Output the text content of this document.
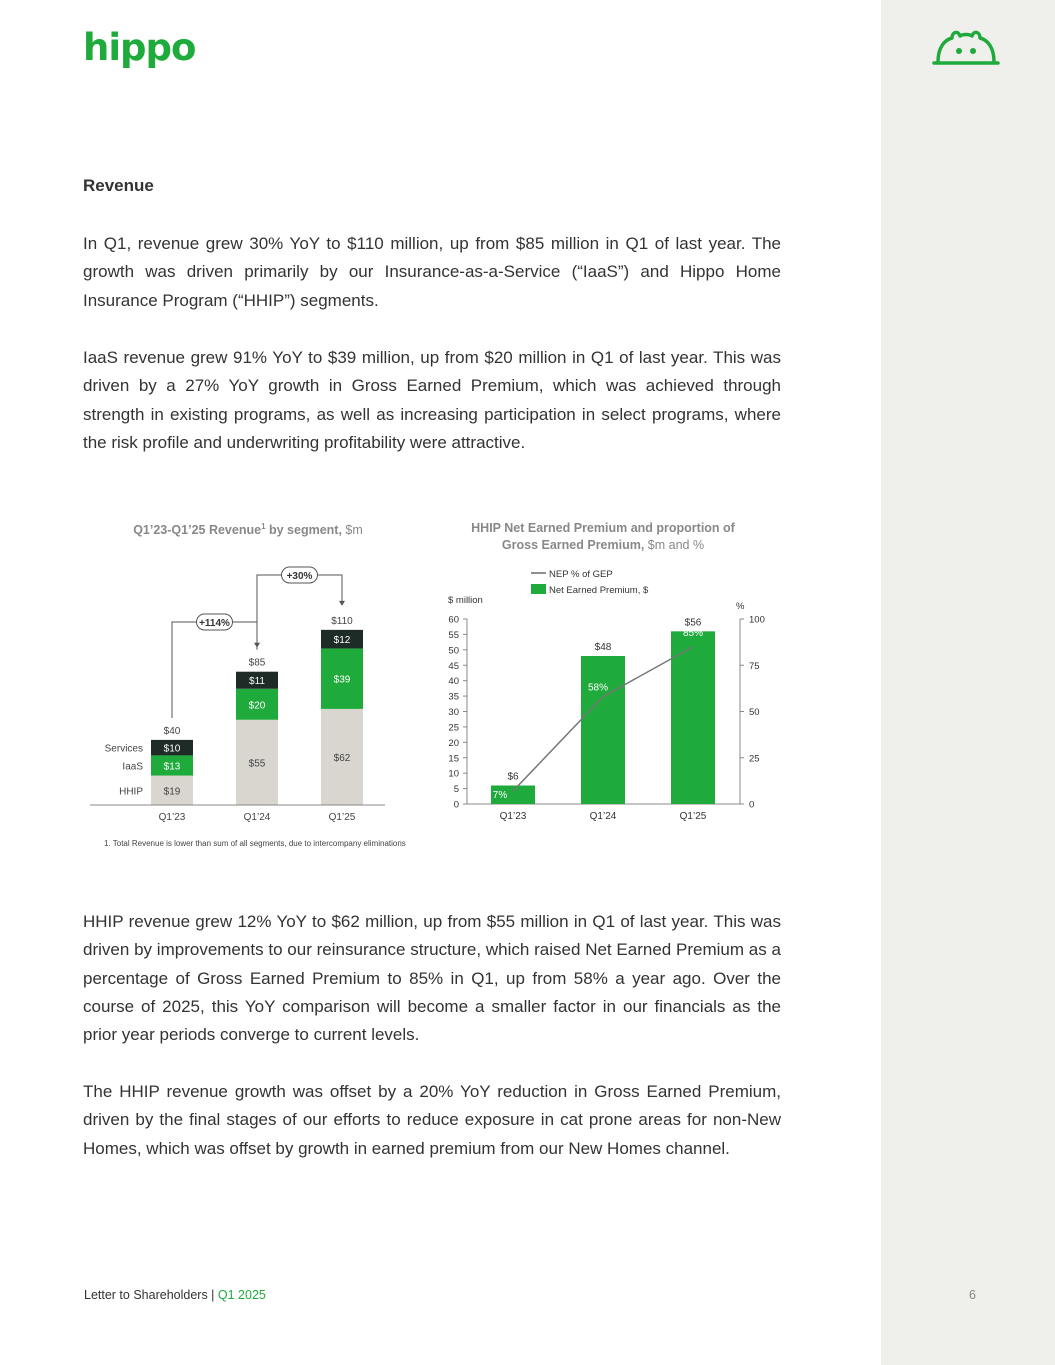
hippo
Revenue

In Q1, revenue grew 30% YoY to $110 million, up from $85 million in Q1 of last year. The growth was driven primarily by our Insurance-as-a-Service (“IaaS”) and Hippo Home Insurance Program (“HHIP”) segments.

IaaS revenue grew 91% YoY to $39 million, up from $20 million in Q1 of last year. This was driven by a 27% YoY growth in Gross Earned Premium, which was achieved through strength in existing programs, as well as increasing participation in select programs, where the risk profile and underwriting profitability were attractive.

Q1’23-Q1’25 Revenue$^1$ by segment, $m
$19
$13
$10
$40
Q1’23
$55
$20
$11
$85
Q1’24
$62
$39
$12
$110
Q1’25
HHIP
IaaS
Services
+114%
+30%
1. Total Revenue is lower than sum of all segments, due to intercompany eliminations
HHIP Net Earned Premium and proportion of
Gross Earned Premium, $m and %
NEP % of GEP
Net Earned Premium, $
$ million
%
0
5
10
15
20
25
30
35
40
45
50
55
60
0
25
50
75
100
$6
Q1’23
$48
Q1’24
$56
Q1’25
7%
58%
85%

HHIP revenue grew 12% YoY to $62 million, up from $55 million in Q1 of last year. This was driven by improvements to our reinsurance structure, which raised Net Earned Premium as a percentage of Gross Earned Premium to 85% in Q1, up from 58% a year ago. Over the course of 2025, this YoY comparison will become a smaller factor in our financials as the prior year periods converge to current levels.

The HHIP revenue growth was offset by a 20% YoY reduction in Gross Earned Premium, driven by the final stages of our efforts to reduce exposure in cat prone areas for non-New Homes, which was offset by growth in earned premium from our New Homes channel.

Letter to Shareholders | Q1 2025	6
